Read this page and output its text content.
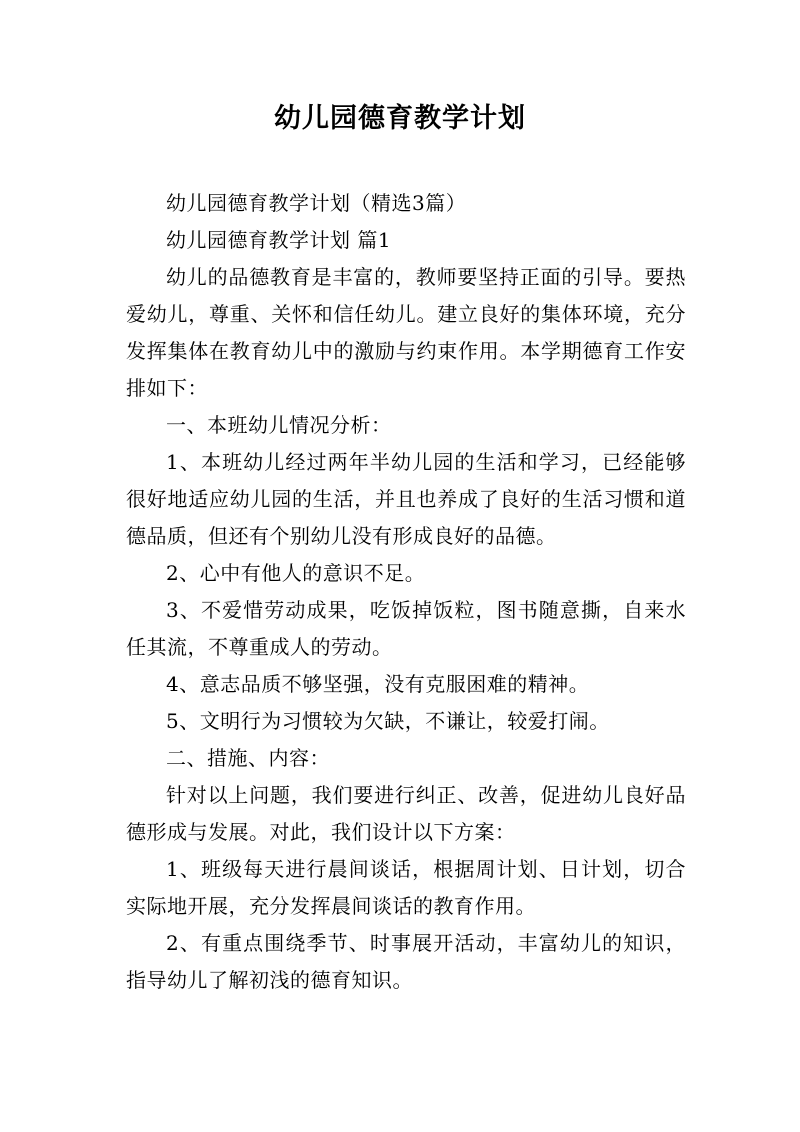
幼儿园德育教学计划

幼儿园德育教学计划（精选3篇）

幼儿园德育教学计划 篇1

幼儿的品德教育是丰富的，教师要坚持正面的引导。要热爱幼儿，尊重、关怀和信任幼儿。建立良好的集体环境，充分发挥集体在教育幼儿中的激励与约束作用。本学期德育工作安排如下：

一、本班幼儿情况分析：

1、本班幼儿经过两年半幼儿园的生活和学习，已经能够很好地适应幼儿园的生活，并且也养成了良好的生活习惯和道德品质，但还有个别幼儿没有形成良好的品德。

2、心中有他人的意识不足。

3、不爱惜劳动成果，吃饭掉饭粒，图书随意撕，自来水任其流，不尊重成人的劳动。

4、意志品质不够坚强，没有克服困难的精神。

5、文明行为习惯较为欠缺，不谦让，较爱打闹。

二、措施、内容：

针对以上问题，我们要进行纠正、改善，促进幼儿良好品德形成与发展。对此，我们设计以下方案：

1、班级每天进行晨间谈话，根据周计划、日计划，切合实际地开展，充分发挥晨间谈话的教育作用。

2、有重点围绕季节、时事展开活动，丰富幼儿的知识，指导幼儿了解初浅的德育知识。
